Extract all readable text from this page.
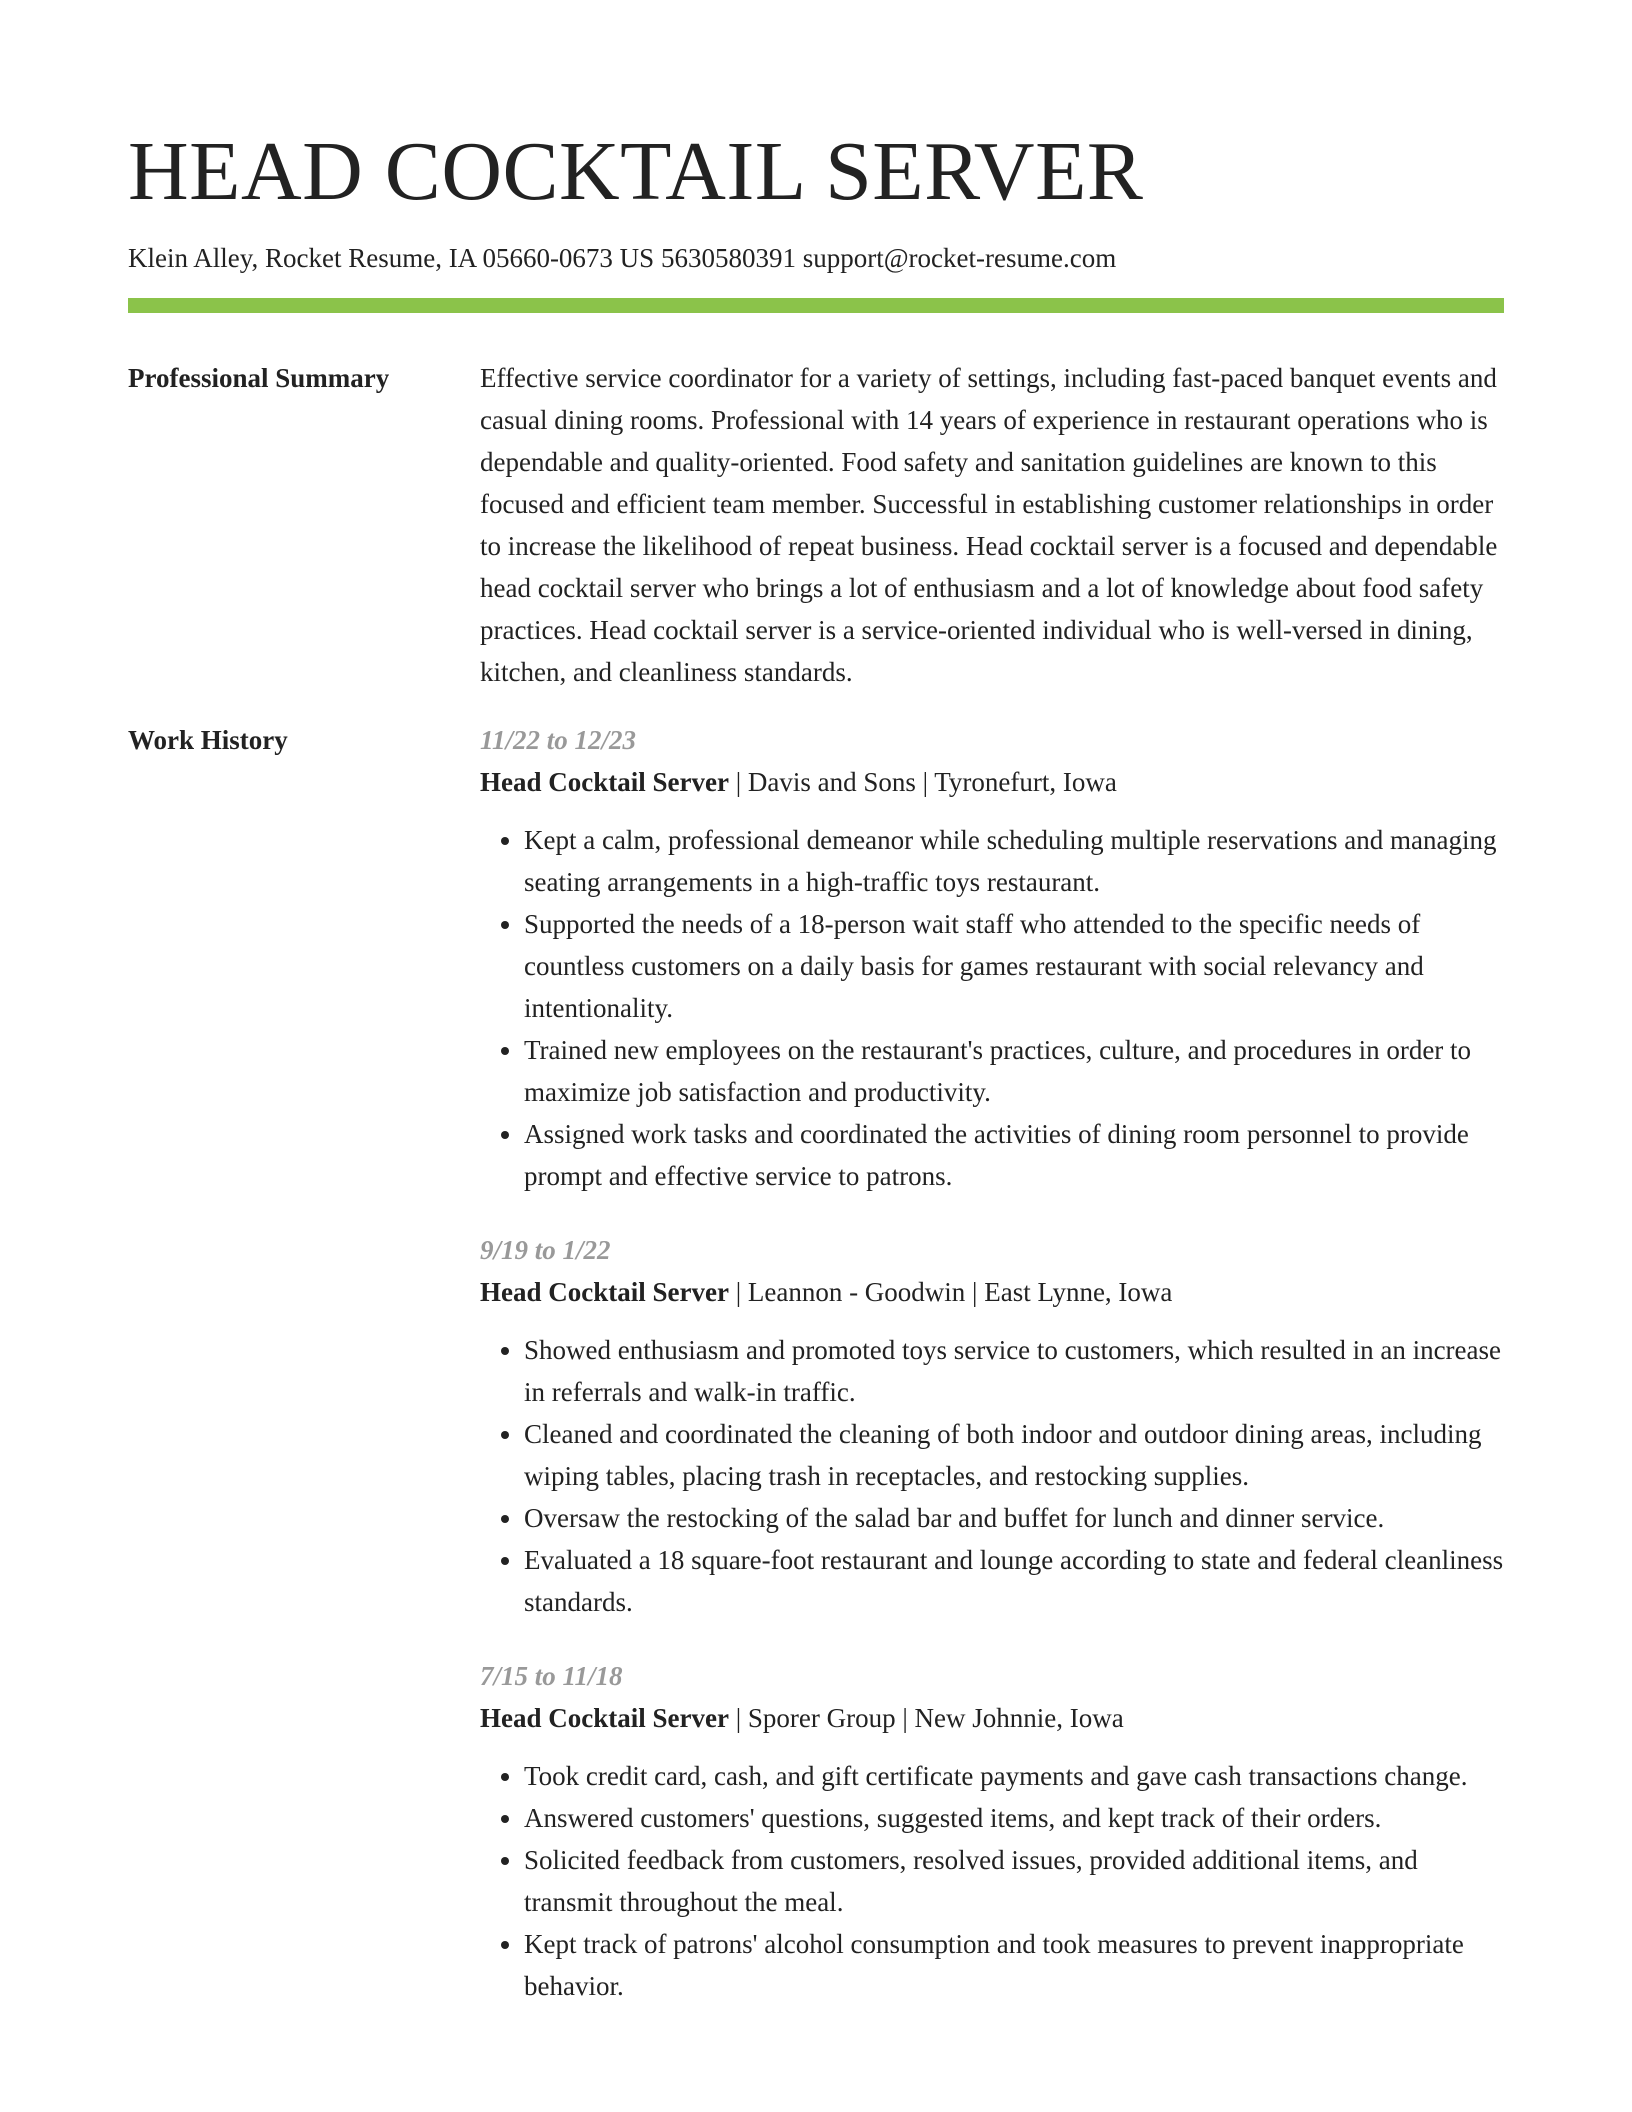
HEAD COCKTAIL SERVER
Klein Alley, Rocket Resume, IA 05660-0673 US 5630580391 support@rocket-resume.com
Professional Summary	Effective service coordinator for a variety of settings, including fast-paced banquet events and casual dining rooms. Professional with 14 years of experience in restaurant operations who is dependable and quality-oriented. Food safety and sanitation guidelines are known to this focused and efficient team member. Successful in establishing customer relationships in order to increase the likelihood of repeat business. Head cocktail server is a focused and dependable head cocktail server who brings a lot of enthusiasm and a lot of knowledge about food safety practices. Head cocktail server is a service-oriented individual who is well-versed in dining, kitchen, and cleanliness standards.

Work History	11/22 to 12/23
Head Cocktail Server | Davis and Sons | Tyronefurt, Iowa
• Kept a calm, professional demeanor while scheduling multiple reservations and managing seating arrangements in a high-traffic toys restaurant.
• Supported the needs of a 18-person wait staff who attended to the specific needs of countless customers on a daily basis for games restaurant with social relevancy and intentionality.
• Trained new employees on the restaurant's practices, culture, and procedures in order to maximize job satisfaction and productivity.
• Assigned work tasks and coordinated the activities of dining room personnel to provide prompt and effective service to patrons.
9/19 to 1/22
Head Cocktail Server | Leannon - Goodwin | East Lynne, Iowa
• Showed enthusiasm and promoted toys service to customers, which resulted in an increase in referrals and walk-in traffic.
• Cleaned and coordinated the cleaning of both indoor and outdoor dining areas, including wiping tables, placing trash in receptacles, and restocking supplies.
• Oversaw the restocking of the salad bar and buffet for lunch and dinner service.
• Evaluated a 18 square-foot restaurant and lounge according to state and federal cleanliness standards.
7/15 to 11/18
Head Cocktail Server | Sporer Group | New Johnnie, Iowa
• Took credit card, cash, and gift certificate payments and gave cash transactions change.
• Answered customers' questions, suggested items, and kept track of their orders.
• Solicited feedback from customers, resolved issues, provided additional items, and transmit throughout the meal.
• Kept track of patrons' alcohol consumption and took measures to prevent inappropriate behavior.
